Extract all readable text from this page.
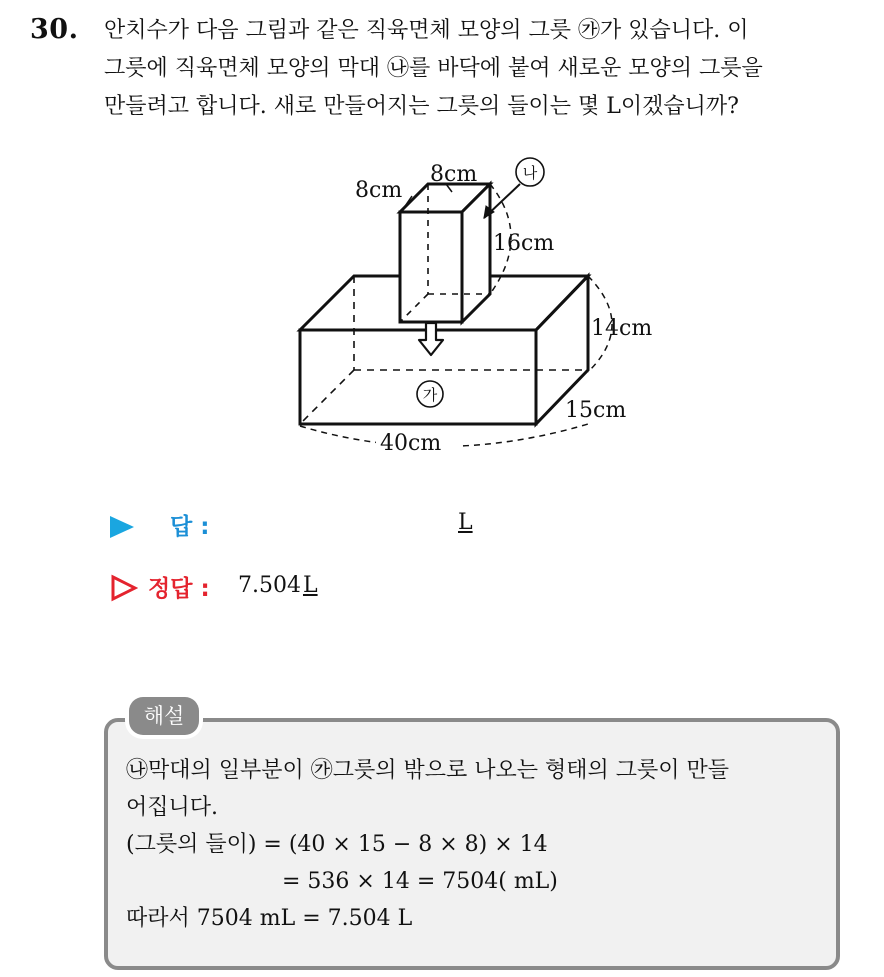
30. 안치수가 다음 그림과 같은 직육면체 모양의 그릇 ㉮가 있습니다. 이
그릇에 직육면체 모양의 막대 ㉯를 바닥에 붙여 새로운 모양의 그릇을
만들려고 합니다. 새로 만들어지는 그릇의 들이는 몇 L이겠습니까?
나
가
8cm
8cm
16cm
14cm
15cm
40cm
답 :	L
정답 : 7.504L
해설
㉯막대의 일부분이 ㉮그릇의 밖으로 나오는 형태의 그릇이 만들
어집니다.
(그릇의 들이) = (40 × 15 − 8 × 8) × 14
= 536 × 14 = 7504( mL)
따라서 7504 mL = 7.504 L
